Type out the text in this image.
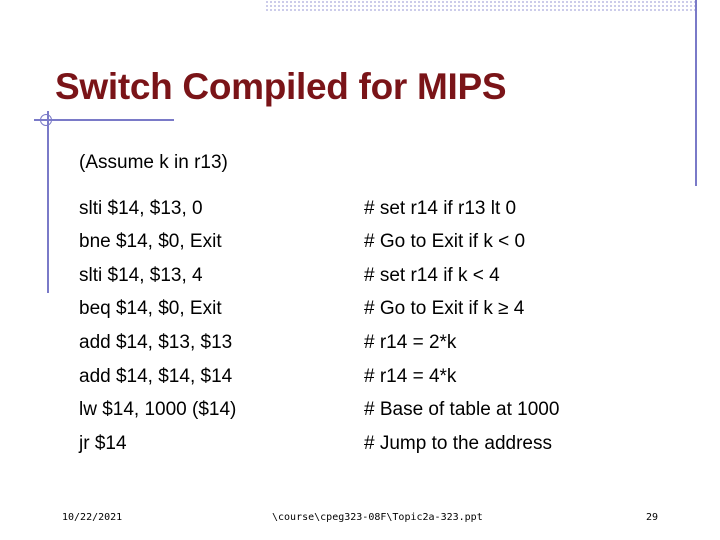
Switch Compiled for MIPS
(Assume k in r13)
slti $14, $13, 0	# set r14 if r13 lt 0
bne $14, $0, Exit	# Go to Exit if k < 0
slti $14, $13, 4	# set r14 if k < 4
beq $14, $0, Exit	# Go to Exit if k ≥ 4
add $14, $13, $13	# r14 = 2*k
add $14, $14, $14	# r14 = 4*k
lw $14, 1000 ($14)	# Base of table at 1000
jr $14	# Jump to the address
10/22/2021	\course\cpeg323-08F\Topic2a-323.ppt	29
